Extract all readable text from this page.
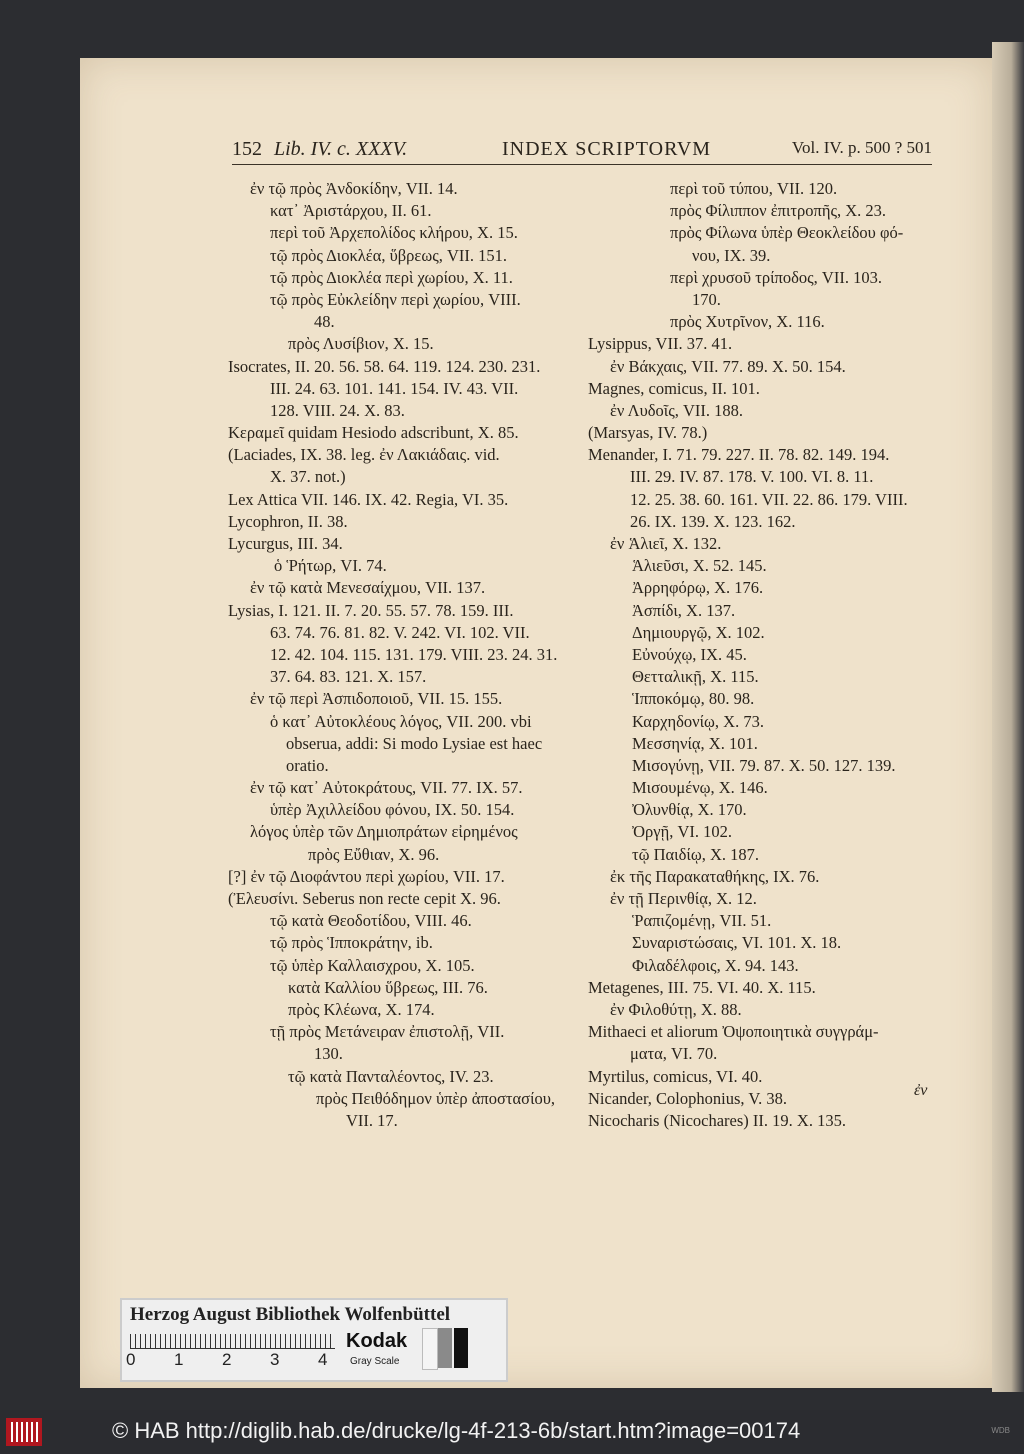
152 Lib. IV. c. XXXV.	INDEX SCRIPTORVM	Vol. IV. p. 500 ? 501
ἐν τῷ πρὸς Ἀνδοκίδην, VII. 14.
κατ᾽ Ἀριστάρχου, II. 61.
περὶ τοῦ Ἀρχεπολίδος κλήρου, X. 15.
τῷ πρὸς Διοκλέα, ὕβρεως, VII. 151.
τῷ πρὸς Διοκλέα περὶ χωρίου, X. 11.
τῷ πρὸς Εὐκλείδην περὶ χωρίου, VIII.
48.
πρὸς Λυσίβιον, X. 15.
Isocrates, II. 20. 56. 58. 64. 119. 124. 230. 231.
III. 24. 63. 101. 141. 154. IV. 43. VII.
128. VIII. 24. X. 83.
Κεραμεῖ quidam Hesiodo adscribunt, X. 85.
(Laciades, IX. 38. leg. ἐν Λακιάδαις. vid.
X. 37. not.)
Lex Attica VII. 146. IX. 42. Regia, VI. 35.
Lycophron, II. 38.
Lycurgus, III. 34.
ὁ Ῥήτωρ, VI. 74.
ἐν τῷ κατὰ Μενεσαίχμου, VII. 137.
Lysias, I. 121. II. 7. 20. 55. 57. 78. 159. III.
63. 74. 76. 81. 82. V. 242. VI. 102. VII.
12. 42. 104. 115. 131. 179. VIII. 23. 24. 31.
37. 64. 83. 121. X. 157.
ἐν τῷ περὶ Ἀσπιδοποιοῦ, VII. 15. 155.
ὁ κατ᾽ Αὐτοκλέους λόγος, VII. 200. vbi
obserua, addi: Si modo Lysiae est haec
oratio.
ἐν τῷ κατ᾽ Αὐτοκράτους, VII. 77. IX. 57.
ὑπὲρ Ἀχιλλείδου φόνου, IX. 50. 154.
λόγος ὑπὲρ τῶν Δημιοπράτων εἰρημένος
πρὸς Εὔθιαν, X. 96.
[?] ἐν τῷ Διοφάντου περὶ χωρίου, VII. 17.
(Ἐλευσίνι. Seberus non recte cepit X. 96.
τῷ κατὰ Θεοδοτίδου, VIII. 46.
τῷ πρὸς Ἱπποκράτην, ib.
τῷ ὑπὲρ Καλλαισχρου, X. 105.
κατὰ Καλλίου ὕβρεως, III. 76.
πρὸς Κλέωνα, X. 174.
τῇ πρὸς Μετάνειραν ἐπιστολῇ, VII.
130.
τῷ κατὰ Πανταλέοντος, IV. 23.
πρὸς Πειθόδημον ὑπὲρ ἀποστασίου,
VII. 17.
περὶ τοῦ τύπου, VII. 120.
πρὸς Φίλιππον ἐπιτροπῆς, X. 23.
πρὸς Φίλωνα ὑπὲρ Θεοκλείδου φό-
νου, IX. 39.
περὶ χρυσοῦ τρίποδος, VII. 103.
170.
πρὸς Χυτρῖνον, X. 116.
Lysippus, VII. 37. 41.
ἐν Βάκχαις, VII. 77. 89. X. 50. 154.
Magnes, comicus, II. 101.
ἐν Λυδοῖς, VII. 188.
(Marsyas, IV. 78.)
Menander, I. 71. 79. 227. II. 78. 82. 149. 194.
III. 29. IV. 87. 178. V. 100. VI. 8. 11.
12. 25. 38. 60. 161. VII. 22. 86. 179. VIII.
26. IX. 139. X. 123. 162.
ἐν Ἁλιεῖ, X. 132.
Ἁλιεῦσι, X. 52. 145.
Ἀρρηφόρῳ, X. 176.
Ἀσπίδι, X. 137.
Δημιουργῷ, X. 102.
Εὐνούχῳ, IX. 45.
Θετταλικῇ, X. 115.
Ἱπποκόμῳ, 80. 98.
Καρχηδονίῳ, X. 73.
Μεσσηνίᾳ, X. 101.
Μισογύνῃ, VII. 79. 87. X. 50. 127. 139.
Μισουμένῳ, X. 146.
Ὀλυνθίᾳ, X. 170.
Ὀργῇ, VI. 102.
τῷ Παιδίῳ, X. 187.
ἐκ τῆς Παρακαταθήκης, IX. 76.
ἐν τῇ Περινθίᾳ, X. 12.
Ῥαπιζομένῃ, VII. 51.
Συναριστώσαις, VI. 101. X. 18.
Φιλαδέλφοις, X. 94. 143.
Metagenes, III. 75. VI. 40. X. 115.
ἐν Φιλοθύτῃ, X. 88.
Mithaeci et aliorum Ὀψοποιητικὰ συγγράμ-
ματα, VI. 70.
Myrtilus, comicus, VI. 40.
Nicander, Colophonius, V. 38.
Nicocharis (Nicochares) II. 19. X. 135.
ἐν
Herzog August Bibliothek Wolfenbüttel
0 1 2 3 4
Kodak
Gray Scale
© HAB http://diglib.hab.de/drucke/lg-4f-213-6b/start.htm?image=00174	WDB
